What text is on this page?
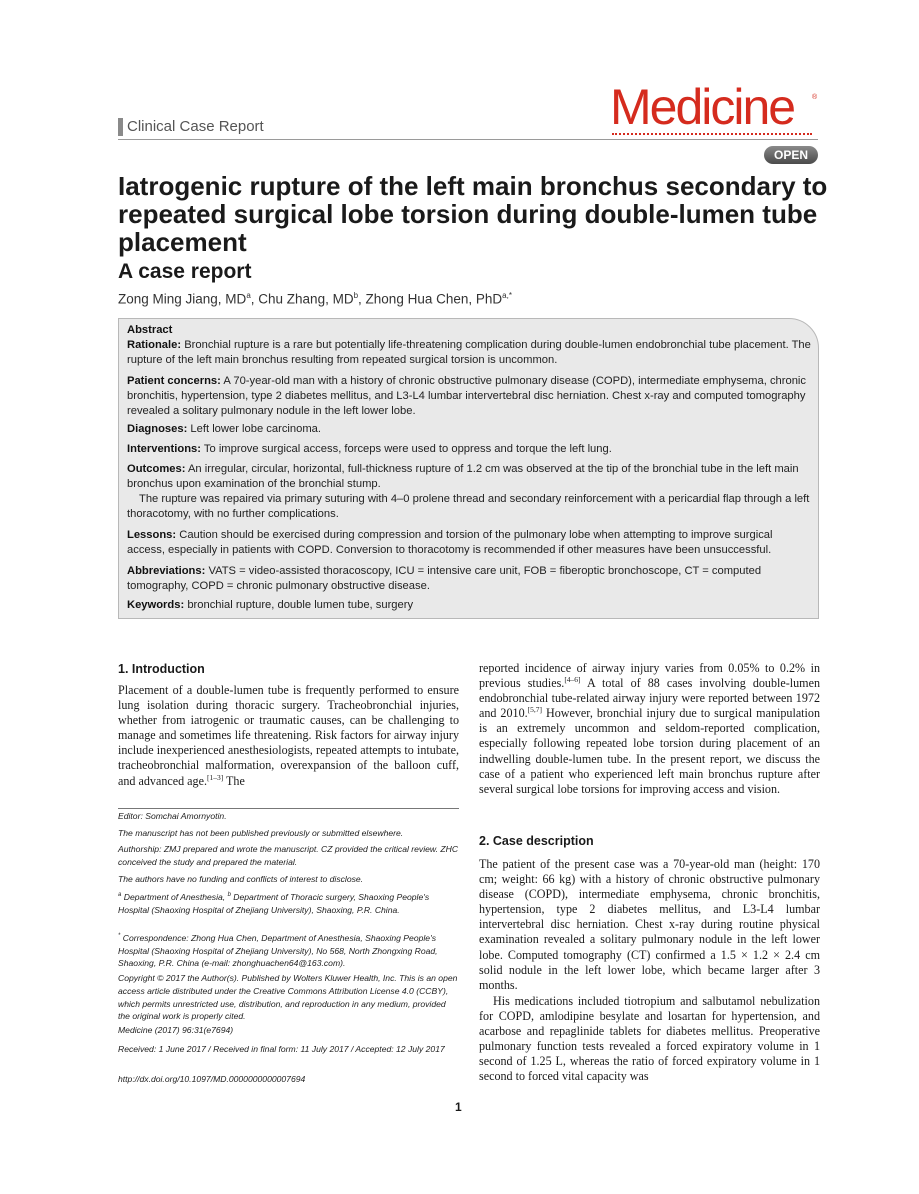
Clinical Case Report	Medicine	®
OPEN
Iatrogenic rupture of the left main bronchus secondary to repeated surgical lobe torsion during double-lumen tube placement
A case report
Zong Ming Jiang, $MD^a$, Chu Zhang, $MD^b$, Zhong Hua Chen, PhD$^{a,*}$

Abstract

Rationale: Bronchial rupture is a rare but potentially life-threatening complication during double-lumen endobronchial tube placement. The rupture of the left main bronchus resulting from repeated surgical torsion is uncommon.

Patient concerns: A 70-year-old man with a history of chronic obstructive pulmonary disease (COPD), intermediate emphysema, chronic bronchitis, hypertension, type 2 diabetes mellitus, and L3-L4 lumbar intervertebral disc herniation. Chest x-ray and computed tomography revealed a solitary pulmonary nodule in the left lower lobe.

Diagnoses: Left lower lobe carcinoma.

Interventions: To improve surgical access, forceps were used to oppress and torque the left lung.

Outcomes: An irregular, circular, horizontal, full-thickness rupture of 1.2 cm was observed at the tip of the bronchial tube in the left main bronchus upon examination of the bronchial stump.
The rupture was repaired via primary suturing with 4–0 prolene thread and secondary reinforcement with a pericardial flap through a left thoracotomy, with no further complications.

Lessons: Caution should be exercised during compression and torsion of the pulmonary lobe when attempting to improve surgical access, especially in patients with COPD. Conversion to thoracotomy is recommended if other measures have been unsuccessful.

Abbreviations: VATS = video-assisted thoracoscopy, ICU = intensive care unit, FOB = fiberoptic bronchoscope, CT = computed tomography, COPD = chronic pulmonary obstructive disease.

Keywords: bronchial rupture, double lumen tube, surgery

1. Introduction

Placement of a double-lumen tube is frequently performed to ensure lung isolation during thoracic surgery. Tracheobronchial injuries, whether from iatrogenic or traumatic causes, can be challenging to manage and sometimes life threatening. Risk factors for airway injury include inexperienced anesthesiologists, repeated attempts to intubate, tracheobronchial malformation, overexpansion of the balloon cuff, and advanced age.[1–3] The

Editor: Somchai Amornyotin.

The manuscript has not been published previously or submitted elsewhere.

Authorship: ZMJ prepared and wrote the manuscript. CZ provided the critical review. ZHC conceived the study and prepared the material.

The authors have no funding and conflicts of interest to disclose.

$^a$ Department of Anesthesia, $^b$ Department of Thoracic surgery, Shaoxing People's Hospital (Shaoxing Hospital of Zhejiang University), Shaoxing, P.R. China.

* Correspondence: Zhong Hua Chen, Department of Anesthesia, Shaoxing People's Hospital (Shaoxing Hospital of Zhejiang University), No 568, North Zhongxing Road, Shaoxing, P.R. China (e-mail: zhonghuachen64@163.com).

Copyright © 2017 the Author(s). Published by Wolters Kluwer Health, Inc. This is an open access article distributed under the Creative Commons Attribution License 4.0 (CCBY), which permits unrestricted use, distribution, and reproduction in any medium, provided the original work is properly cited.

Medicine (2017) 96:31(e7694)

Received: 1 June 2017 / Received in final form: 11 July 2017 / Accepted: 12 July 2017

http://dx.doi.org/10.1097/MD.0000000000007694

reported incidence of airway injury varies from 0.05% to 0.2% in previous studies.[4–6] A total of 88 cases involving double-lumen endobronchial tube-related airway injury were reported between 1972 and 2010.[5,7] However, bronchial injury due to surgical manipulation is an extremely uncommon and seldom-reported complication, especially following repeated lobe torsion during placement of an indwelling double-lumen tube. In the present report, we discuss the case of a patient who experienced left main bronchus rupture after several surgical lobe torsions for improving access and vision.

2. Case description

The patient of the present case was a 70-year-old man (height: 170 cm; weight: 66 kg) with a history of chronic obstructive pulmonary disease (COPD), intermediate emphysema, chronic bronchitis, hypertension, type 2 diabetes mellitus, and L3-L4 lumbar intervertebral disc herniation. Chest x-ray during routine physical examination revealed a solitary pulmonary nodule in the left lower lobe. Computed tomography (CT) confirmed a 1.5 × 1.2 × 2.4 cm solid nodule in the left lower lobe, which became larger after 3 months.

His medications included tiotropium and salbutamol nebulization for COPD, amlodipine besylate and losartan for hypertension, and acarbose and repaglinide tablets for diabetes mellitus. Preoperative pulmonary function tests revealed a forced expiratory volume in 1 second of 1.25 L, whereas the ratio of forced expiratory volume in 1 second to forced vital capacity was

1
